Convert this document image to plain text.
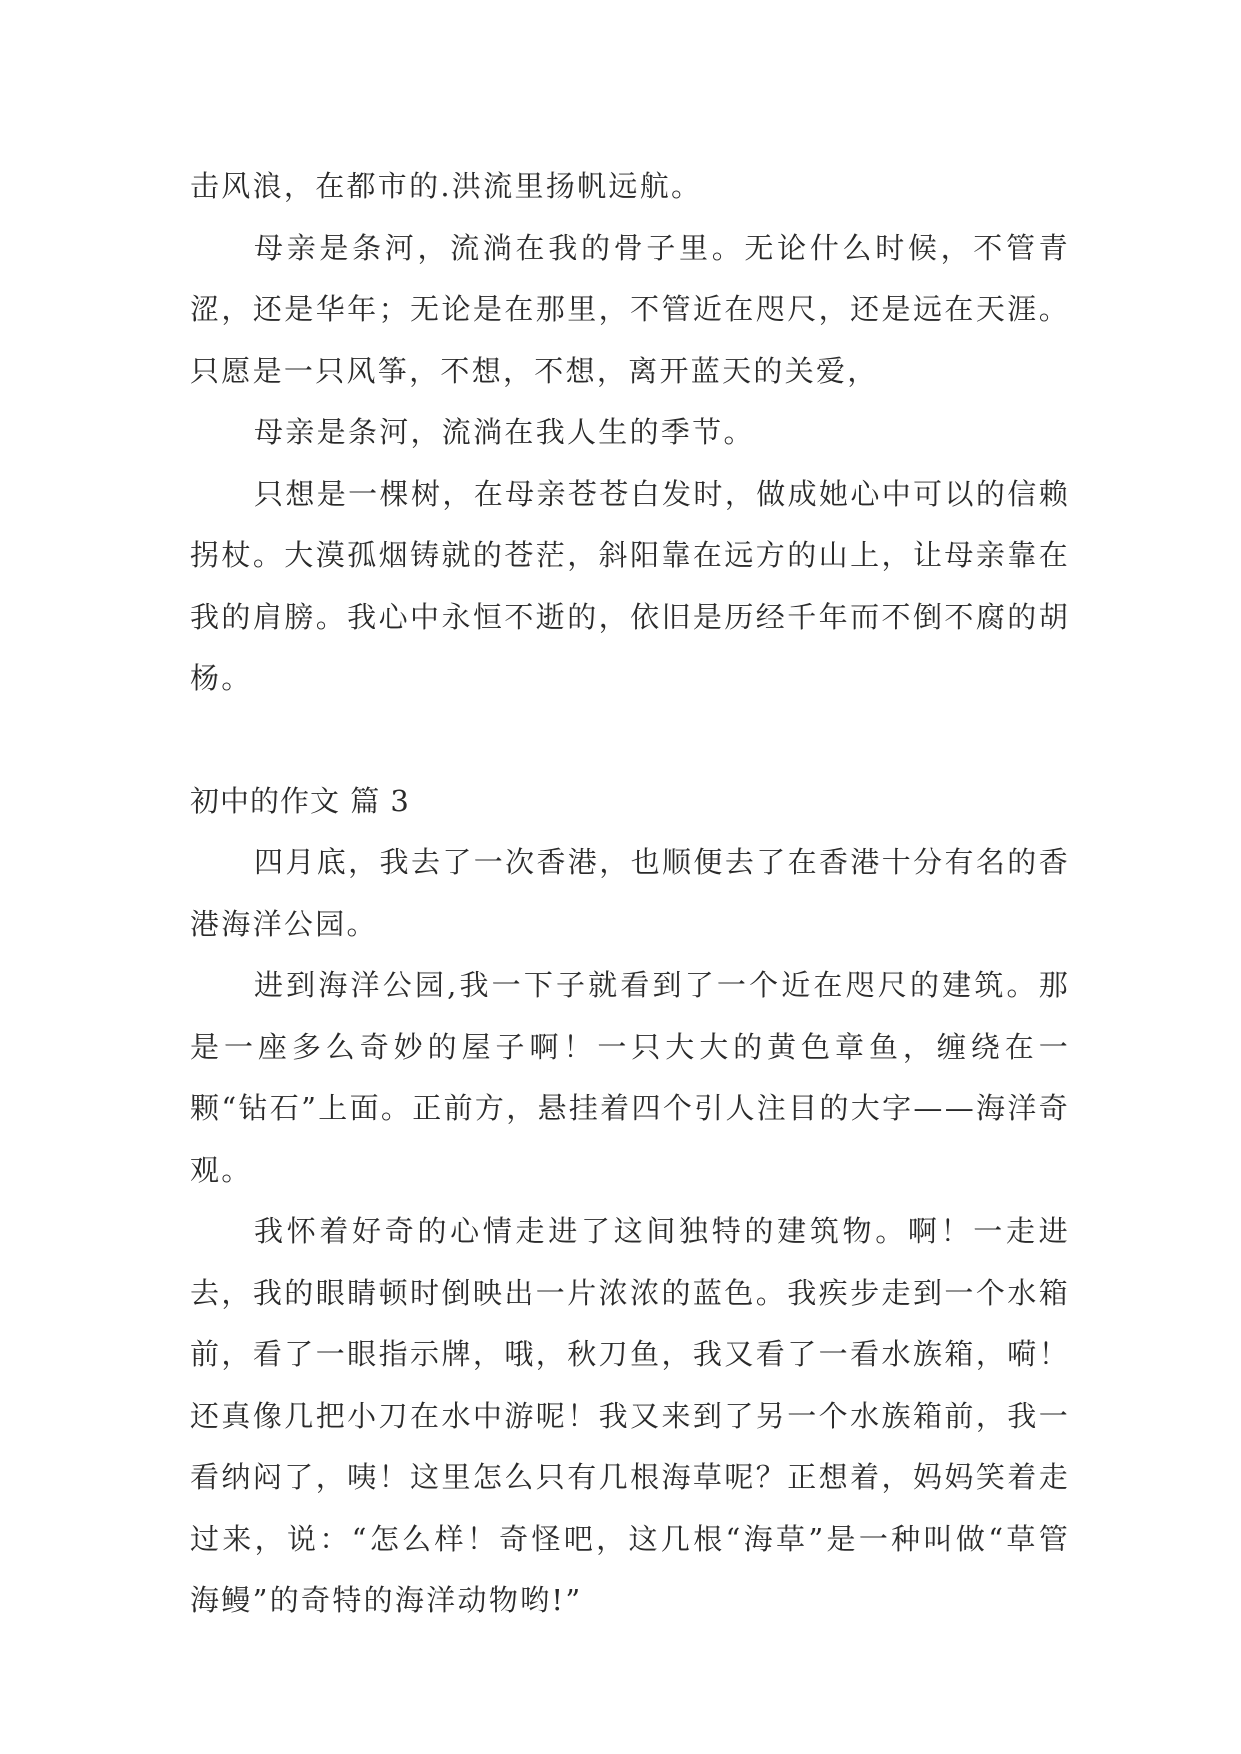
击风浪，在都市的.洪流里扬帆远航。

母亲是条河，流淌在我的骨子里。无论什么时候，不管青涩，还是华年；无论是在那里，不管近在咫尺，还是远在天涯。只愿是一只风筝，不想，不想，离开蓝天的关爱，

母亲是条河，流淌在我人生的季节。

只想是一棵树，在母亲苍苍白发时，做成她心中可以的信赖拐杖。大漠孤烟铸就的苍茫，斜阳靠在远方的山上，让母亲靠在我的肩膀。我心中永恒不逝的，依旧是历经千年而不倒不腐的胡杨。

初中的作文 篇 3

四月底，我去了一次香港，也顺便去了在香港十分有名的香港海洋公园。

进到海洋公园,我一下子就看到了一个近在咫尺的建筑。那是一座多么奇妙的屋子啊！一只大大的黄色章鱼，缠绕在一颗“钻石”上面。正前方，悬挂着四个引人注目的大字——海洋奇观。

我怀着好奇的心情走进了这间独特的建筑物。啊！一走进去，我的眼睛顿时倒映出一片浓浓的蓝色。我疾步走到一个水箱前，看了一眼指示牌，哦，秋刀鱼，我又看了一看水族箱，嗬！还真像几把小刀在水中游呢！我又来到了另一个水族箱前，我一看纳闷了，咦！这里怎么只有几根海草呢？正想着，妈妈笑着走过来，说：“怎么样！奇怪吧，这几根“海草”是一种叫做“草管海鳗”的奇特的海洋动物哟!”
